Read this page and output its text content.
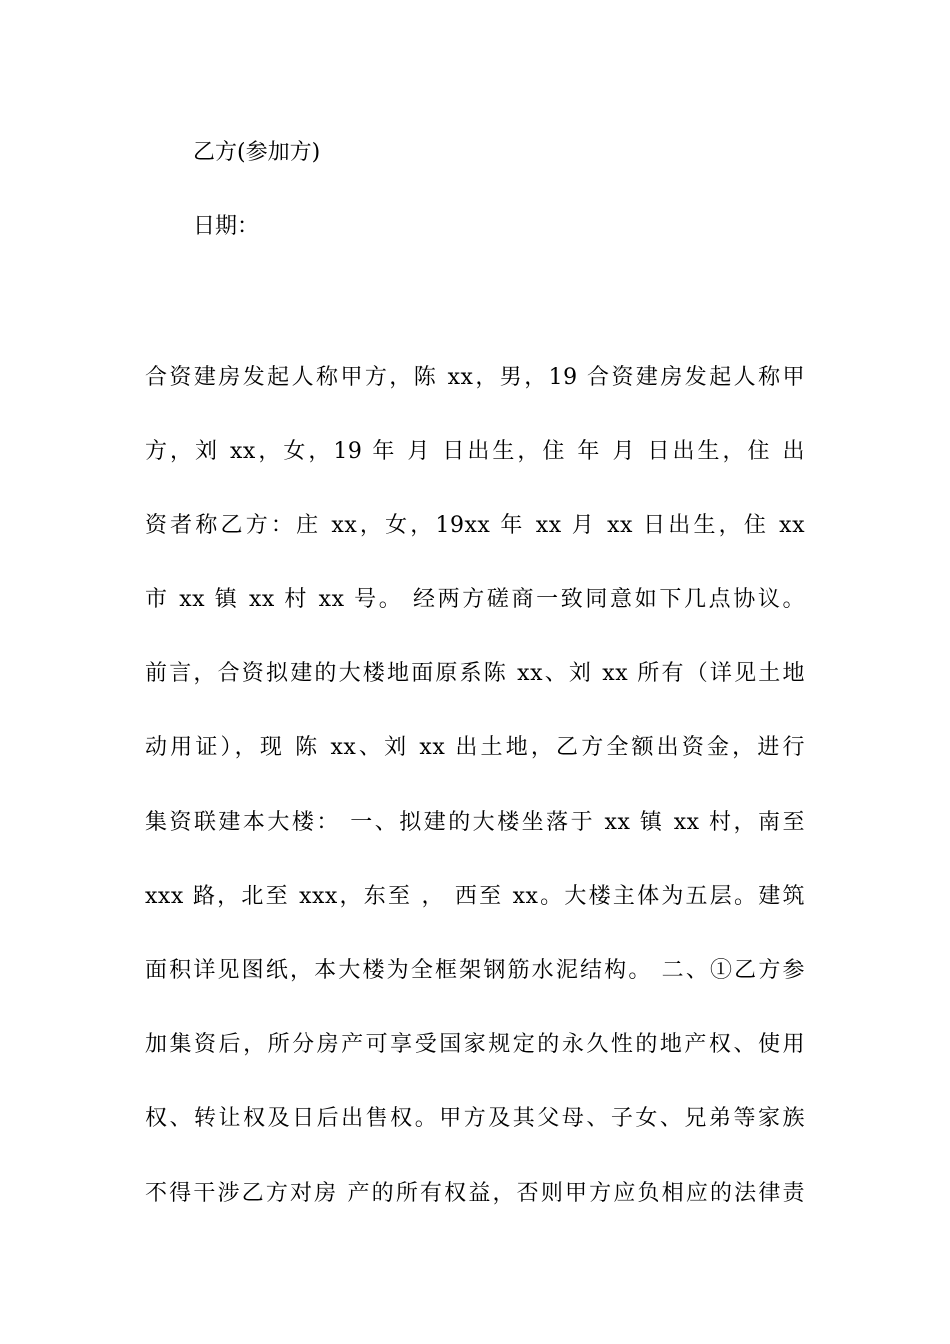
乙方(参加方)
日期：
合资建房发起人称甲方，陈 xx，男，19 合资建房发起人称甲
方，刘 xx，女，19 年 月 日出生，住 年 月 日出生，住 出
资者称乙方：庄 xx，女，19xx 年 xx 月 xx 日出生，住 xx
市 xx 镇 xx 村 xx 号。 经两方磋商一致同意如下几点协议。
前言，合资拟建的大楼地面原系陈 xx、刘 xx 所有（详见土地
动用证），现 陈 xx、刘 xx 出土地，乙方全额出资金，进行
集资联建本大楼： 一、拟建的大楼坐落于 xx 镇 xx 村，南至
xxx 路，北至 xxx，东至 ， 西至 xx。大楼主体为五层。建筑
面积详见图纸，本大楼为全框架钢筋水泥结构。 二、①乙方参
加集资后，所分房产可享受国家规定的永久性的地产权、使用
权、转让权及日后出售权。甲方及其父母、子女、兄弟等家族
不得干涉乙方对房 产的所有权益，否则甲方应负相应的法律责
